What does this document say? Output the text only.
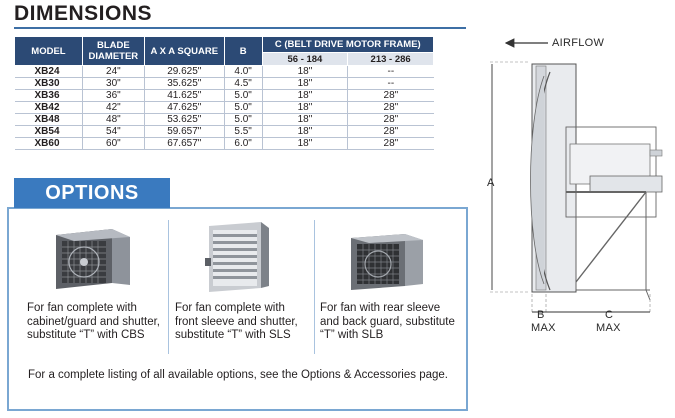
DIMENSIONS
MODEL	BLADE DIAMETER	A X A SQUARE	B	C (BELT DRIVE MOTOR FRAME)	
				56 - 184	213 - 286
XB24	24"	29.625"	4.0"	18"	--
XB30	30"	35.625"	4.5"	18"	--
XB36	36"	41.625"	5.0"	18"	28"
XB42	42"	47.625"	5.0"	18"	28"
XB48	48"	53.625"	5.0"	18"	28"
XB54	54"	59.657"	5.5"	18"	28"
XB60	60"	67.657"	6.0"	18"	28"
OPTIONS
For fan complete with cabinet/guard and shutter, substitute “T” with CBS
For fan complete with front sleeve and shutter, substitute “T” with SLS
For fan with rear sleeve and back guard, substitute “T” with SLB
For a complete listing of all available options, see the Options & Accessories page.
AIRFLOW
A
B
MAX
C
MAX
